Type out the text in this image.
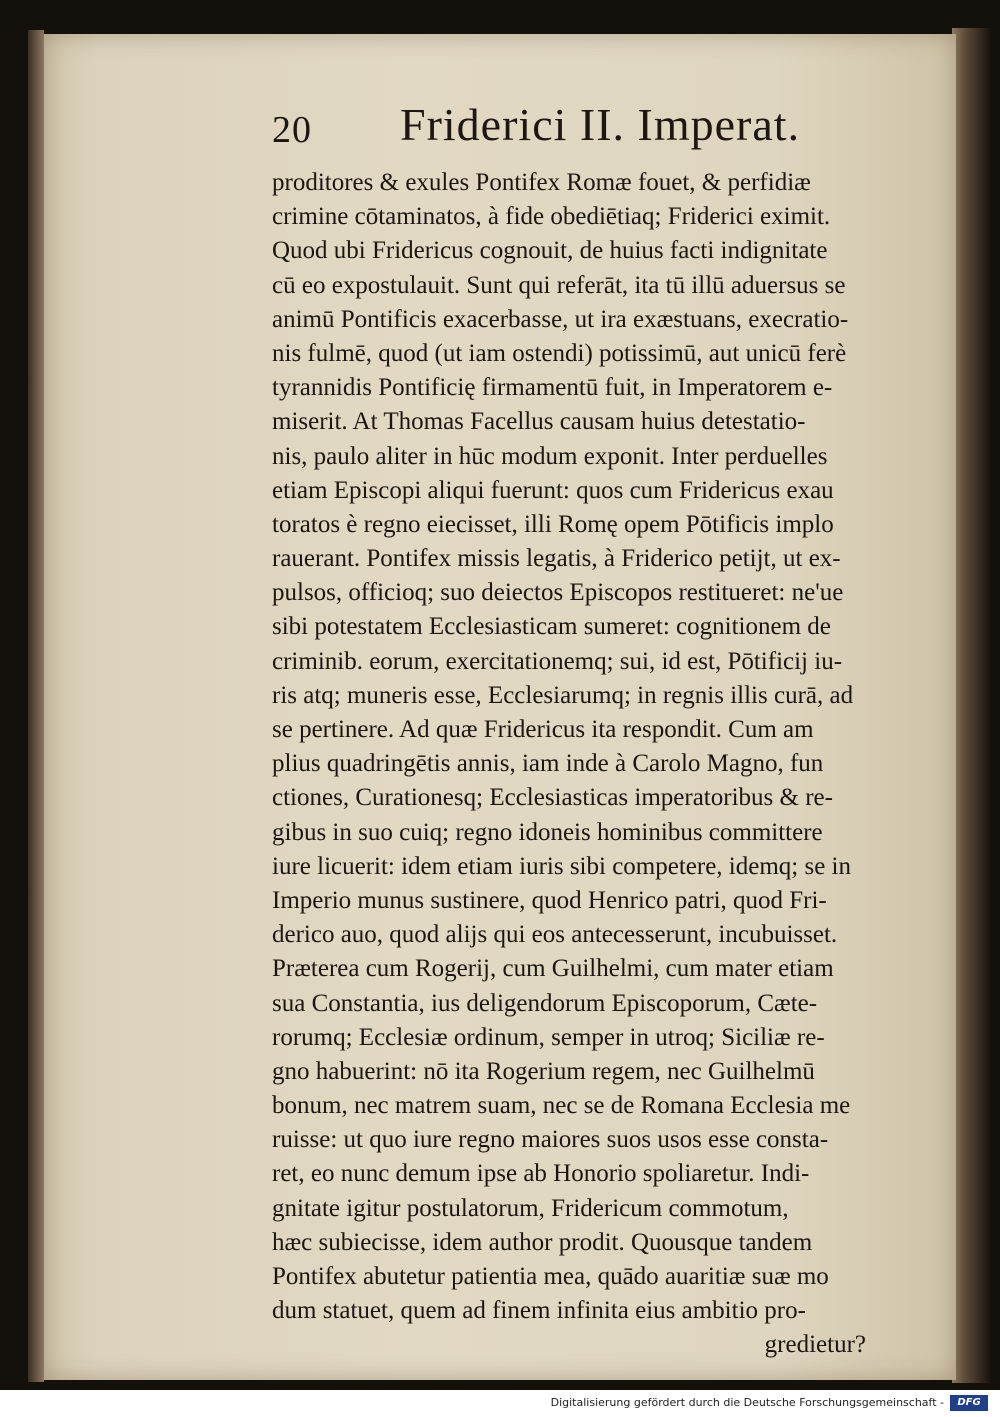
20 Friderici II. Imperat.
proditores & exules Pontifex Romæ fouet, & perfidiæ
crimine cōtaminatos, à fide obediētiaq; Friderici eximit.
Quod ubi Fridericus cognouit, de huius facti indignitate
cū eo expostulauit. Sunt qui referāt, ita tū illū aduersus se
animū Pontificis exacerbasse, ut ira exæstuans, execratio-
nis fulmē, quod (ut iam ostendi) potissimū, aut unicū ferè
tyrannidis Pontificię firmamentū fuit, in Imperatorem e-
miserit. At Thomas Facellus causam huius detestatio-
nis, paulo aliter in hūc modum exponit. Inter perduelles
etiam Episcopi aliqui fuerunt: quos cum Fridericus exau
toratos è regno eiecisset, illi Romę opem Pōtificis implo
rauerant. Pontifex missis legatis, à Friderico petijt, ut ex-
pulsos, officioq; suo deiectos Episcopos restitueret: ne'ue
sibi potestatem Ecclesiasticam sumeret: cognitionem de
criminib. eorum, exercitationemq; sui, id est, Pōtificij iu-
ris atq; muneris esse, Ecclesiarumq; in regnis illis curā, ad
se pertinere. Ad quæ Fridericus ita respondit. Cum am
plius quadringētis annis, iam inde à Carolo Magno, fun
ctiones, Curationesq; Ecclesiasticas imperatoribus & re-
gibus in suo cuiq; regno idoneis hominibus committere
iure licuerit: idem etiam iuris sibi competere, idemq; se in
Imperio munus sustinere, quod Henrico patri, quod Fri-
derico auo, quod alijs qui eos antecesserunt, incubuisset.
Præterea cum Rogerij, cum Guilhelmi, cum mater etiam
sua Constantia, ius deligendorum Episcoporum, Cæte-
rorumq; Ecclesiæ ordinum, semper in utroq; Siciliæ re-
gno habuerint: nō ita Rogerium regem, nec Guilhelmū
bonum, nec matrem suam, nec se de Romana Ecclesia me
ruisse: ut quo iure regno maiores suos usos esse consta-
ret, eo nunc demum ipse ab Honorio spoliaretur. Indi-
gnitate igitur postulatorum, Fridericum commotum,
hæc subiecisse, idem author prodit. Quousque tandem
Pontifex abutetur patientia mea, quādo auaritiæ suæ mo
dum statuet, quem ad finem infinita eius ambitio pro-
gredietur?
Digitalisierung gefördert durch die Deutsche Forschungsgemeinschaft -	DFG
